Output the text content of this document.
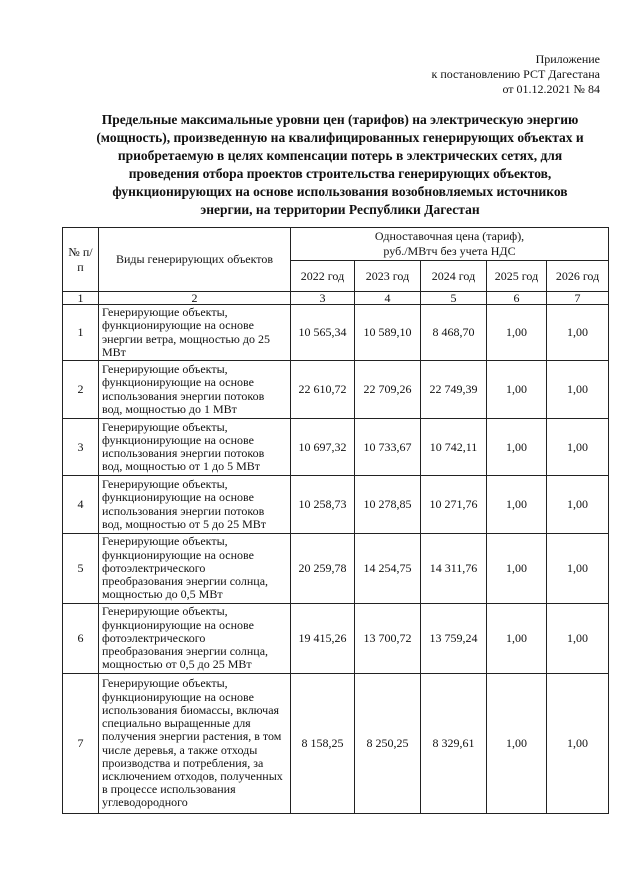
Приложение
к постановлению РСТ Дагестана
от 01.12.2021 № 84
Предельные максимальные уровни цен (тарифов) на электрическую энергию
(мощность), произведенную на квалифицированных генерирующих объектах и
приобретаемую в целях компенсации потерь в электрических сетях, для
проведения отбора проектов строительства генерирующих объектов,
функционирующих на основе использования возобновляемых источников
энергии, на территории Республики Дагестан
№ п/п	Виды генерирующих объектов	Одноставочная цена (тариф),
руб./МВтч без учета НДС				

		2022 год	2023 год	2024 год	2025 год	2026 год
1	2	3	4	5	6	7
1	Генерирующие объекты, функционирующие на основе энергии ветра, мощностью до 25 МВт	10 565,34	10 589,10	8 468,70	1,00	1,00
2	Генерирующие объекты, функционирующие на основе использования энергии потоков вод, мощностью до 1 МВт	22 610,72	22 709,26	22 749,39	1,00	1,00
3	Генерирующие объекты, функционирующие на основе использования энергии потоков вод, мощностью от 1 до 5 МВт	10 697,32	10 733,67	10 742,11	1,00	1,00
4	Генерирующие объекты, функционирующие на основе использования энергии потоков вод, мощностью от 5 до 25 МВт	10 258,73	10 278,85	10 271,76	1,00	1,00
5	Генерирующие объекты, функционирующие на основе фотоэлектрического преобразования энергии солнца, мощностью до 0,5 МВт	20 259,78	14 254,75	14 311,76	1,00	1,00
6	Генерирующие объекты, функционирующие на основе фотоэлектрического преобразования энергии солнца, мощностью от 0,5 до 25 МВт	19 415,26	13 700,72	13 759,24	1,00	1,00
7	Генерирующие объекты, функционирующие на основе использования биомассы, включая специально выращенные для получения энергии растения, в том числе деревья, а также отходы производства и потребления, за исключением отходов, полученных в процессе использования углеводородного	8 158,25	8 250,25	8 329,61	1,00	1,00
